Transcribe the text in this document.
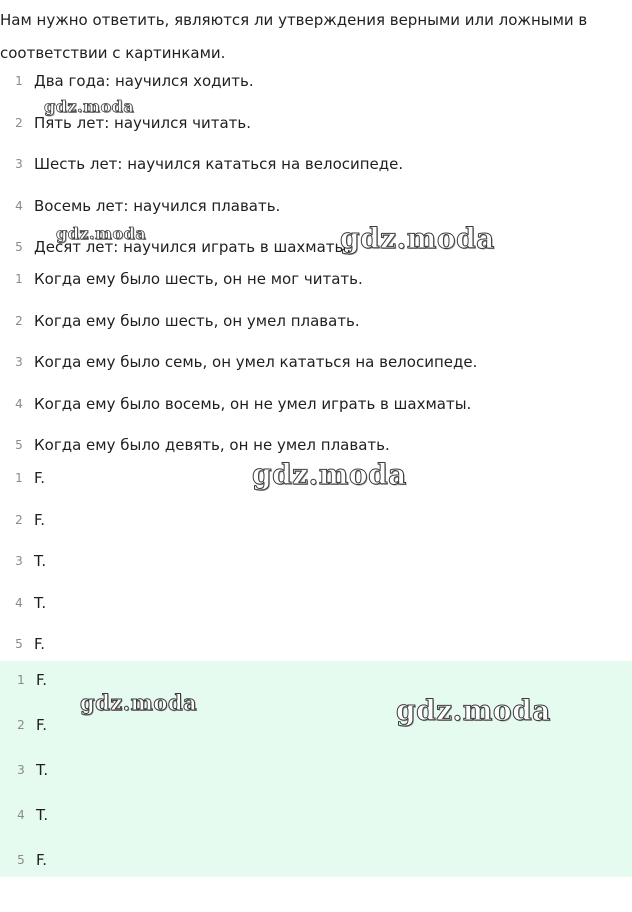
Нам нужно ответить, являются ли утверждения верными или ложными в соответствии с картинками.

1 Два года: научился ходить.
2 Пять лет: научился читать.
3 Шесть лет: научился кататься на велосипеде.
4 Восемь лет: научился плавать.
5 Десят лет: научился играть в шахматы.
1 Когда ему было шесть, он не мог читать.
2 Когда ему было шесть, он умел плавать.
3 Когда ему было семь, он умел кататься на велосипеде.
4 Когда ему было восемь, он не умел играть в шахматы.
5 Когда ему было девять, он не умел плавать.
1 F.
2 F.
3 T.
4 T.
5 F.
1 F.
2 F.
3 T.
4 T.
5 F.
gdz.moda
gdz.moda	gdz.moda
gdz.moda
gdz.moda	gdz.moda
